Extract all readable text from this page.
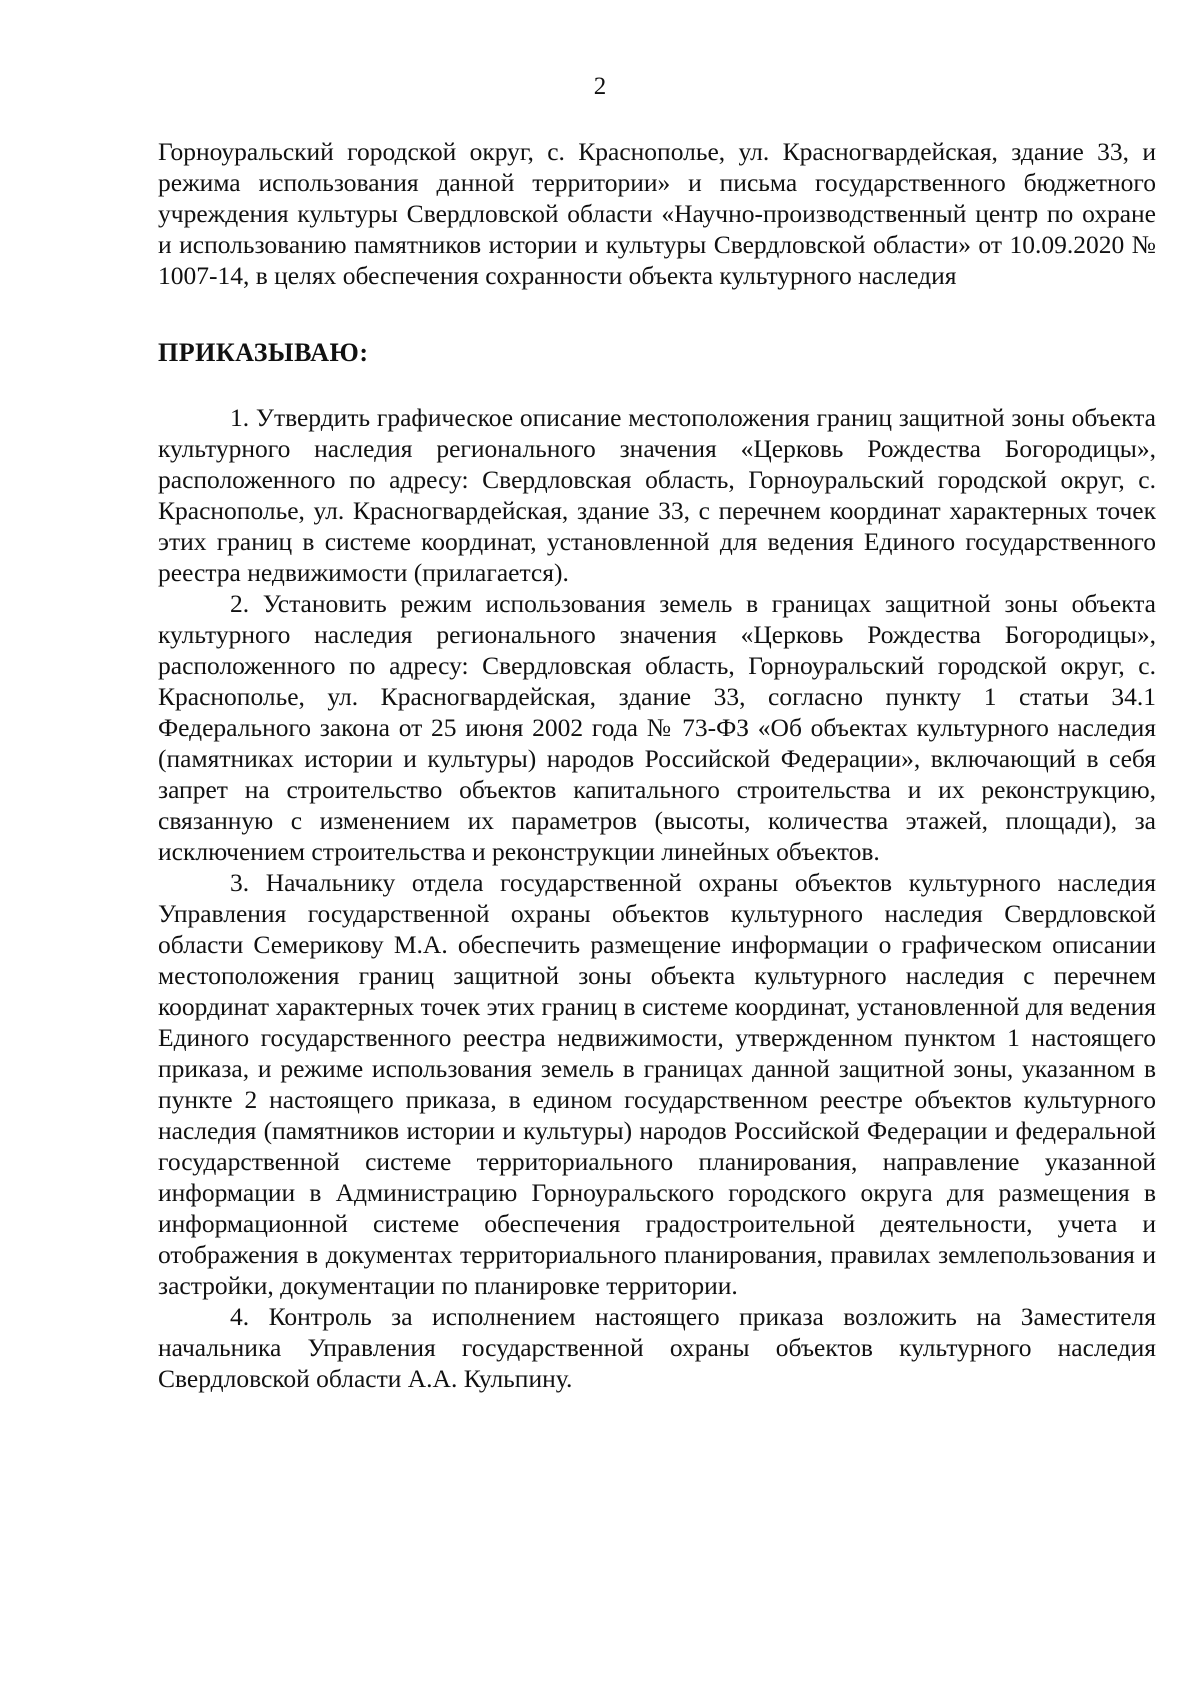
2

Горноуральский городской округ, с. Краснополье, ул. Красногвардейская, здание 33, и режима использования данной территории» и письма государственного бюджетного учреждения культуры Свердловской области «Научно-производственный центр по охране и использованию памятников истории и культуры Свердловской области» от 10.09.2020 № 1007-14, в целях обеспечения сохранности объекта культурного наследия

ПРИКАЗЫВАЮ:

1. Утвердить графическое описание местоположения границ защитной зоны объекта культурного наследия регионального значения «Церковь Рождества Богородицы», расположенного по адресу: Свердловская область, Горноуральский городской округ, с. Краснополье, ул. Красногвардейская, здание 33, с перечнем координат характерных точек этих границ в системе координат, установленной для ведения Единого государственного реестра недвижимости (прилагается).

2. Установить режим использования земель в границах защитной зоны объекта культурного наследия регионального значения «Церковь Рождества Богородицы», расположенного по адресу: Свердловская область, Горноуральский городской округ, с. Краснополье, ул. Красногвардейская, здание 33, согласно пункту 1 статьи 34.1 Федерального закона от 25 июня 2002 года № 73-ФЗ «Об объектах культурного наследия (памятниках истории и культуры) народов Российской Федерации», включающий в себя запрет на строительство объектов капитального строительства и их реконструкцию, связанную с изменением их параметров (высоты, количества этажей, площади), за исключением строительства и реконструкции линейных объектов.

3. Начальнику отдела государственной охраны объектов культурного наследия Управления государственной охраны объектов культурного наследия Свердловской области Семерикову М.А. обеспечить размещение информации о графическом описании местоположения границ защитной зоны объекта культурного наследия с перечнем координат характерных точек этих границ в системе координат, установленной для ведения Единого государственного реестра недвижимости, утвержденном пунктом 1 настоящего приказа, и режиме использования земель в границах данной защитной зоны, указанном в пункте 2 настоящего приказа, в едином государственном реестре объектов культурного наследия (памятников истории и культуры) народов Российской Федерации и федеральной государственной системе территориального планирования, направление указанной информации в Администрацию Горноуральского городского округа для размещения в информационной системе обеспечения градостроительной деятельности, учета и отображения в документах территориального планирования, правилах землепользования и застройки, документации по планировке территории.

4. Контроль за исполнением настоящего приказа возложить на Заместителя начальника Управления государственной охраны объектов культурного наследия Свердловской области А.А. Кульпину.
